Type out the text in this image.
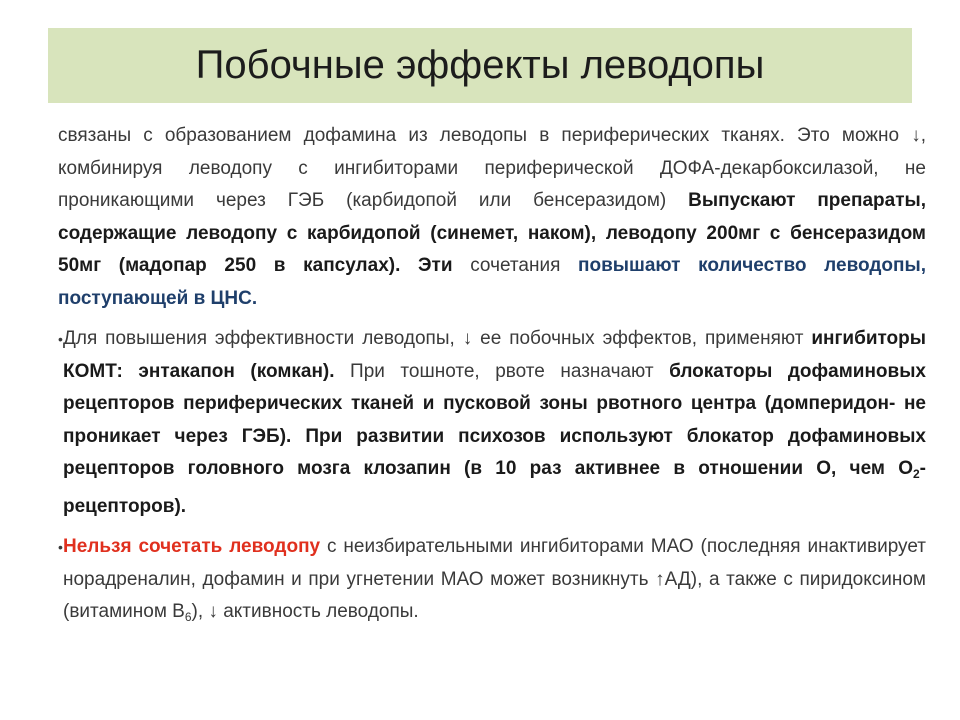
Побочные эффекты леводопы

связаны с образованием дофамина из леводопы в периферических тканях. Это можно ↓, комбинируя леводопу с ингибиторами периферической ДОФА-декарбоксилазой, не проникающими через ГЭБ (карбидопой или бенсеразидом) Выпускают препараты, содержащие леводопу с карбидопой (синемет, наком), леводопу 200мг с бенсеразидом 50мг (мадопар 250 в капсулах). Эти сочетания повышают количество леводопы, поступающей в ЦНС.

• Для повышения эффективности леводопы, ↓ ее побочных эффектов, применяют ингибиторы КОМТ: энтакапон (комкан). При тошноте, рвоте назначают блокаторы дофаминовых рецепторов периферических тканей и пусковой зоны рвотного центра (домперидон- не проникает через ГЭБ). При развитии психозов используют блокатор дофаминовых рецепторов головного мозга клозапин (в 10 раз активнее в отношении О, чем $О_2-рецепторов$).

• Нельзя сочетать леводопу с неизбирательными ингибиторами МАО (последняя инактивирует норадреналин, дофамин и при угнетении МАО может возникнуть ↑АД), а также с пиридоксином (витамином $В_6$), ↓ активность леводопы.
